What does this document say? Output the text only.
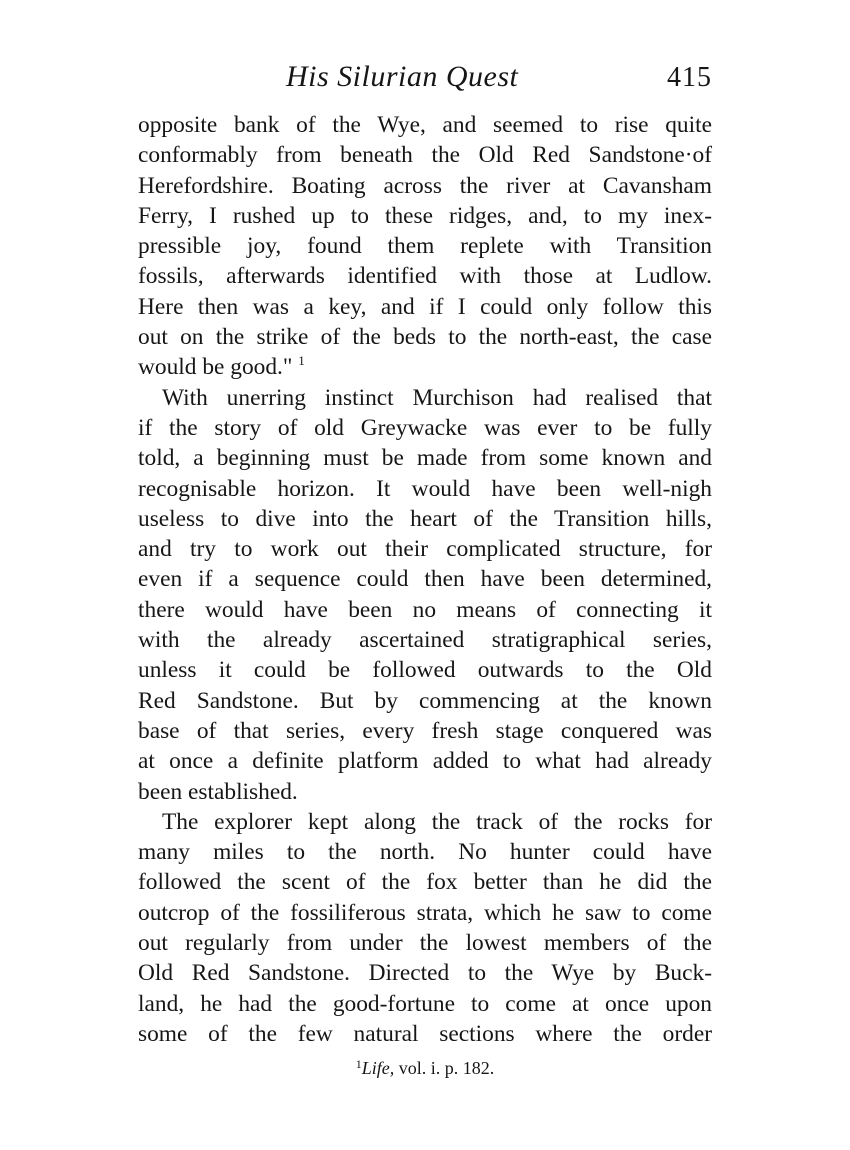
His Silurian Quest	415
opposite bank of the Wye, and seemed to rise quite
conformably from beneath the Old Red Sandstone·of
Herefordshire. Boating across the river at Cavansham
Ferry, I rushed up to these ridges, and, to my inex-
pressible joy, found them replete with Transition
fossils, afterwards identified with those at Ludlow.
Here then was a key, and if I could only follow this
out on the strike of the beds to the north-east, the case
would be good." $^1$
With unerring instinct Murchison had realised that
if the story of old Greywacke was ever to be fully
told, a beginning must be made from some known and
recognisable horizon. It would have been well-nigh
useless to dive into the heart of the Transition hills,
and try to work out their complicated structure, for
even if a sequence could then have been determined,
there would have been no means of connecting it
with the already ascertained stratigraphical series,
unless it could be followed outwards to the Old
Red Sandstone. But by commencing at the known
base of that series, every fresh stage conquered was
at once a definite platform added to what had already
been established.
The explorer kept along the track of the rocks for
many miles to the north. No hunter could have
followed the scent of the fox better than he did the
outcrop of the fossiliferous strata, which he saw to come
out regularly from under the lowest members of the
Old Red Sandstone. Directed to the Wye by Buck-
land, he had the good-fortune to come at once upon
some of the few natural sections where the order
$^1$Life, vol. i. p. 182.
